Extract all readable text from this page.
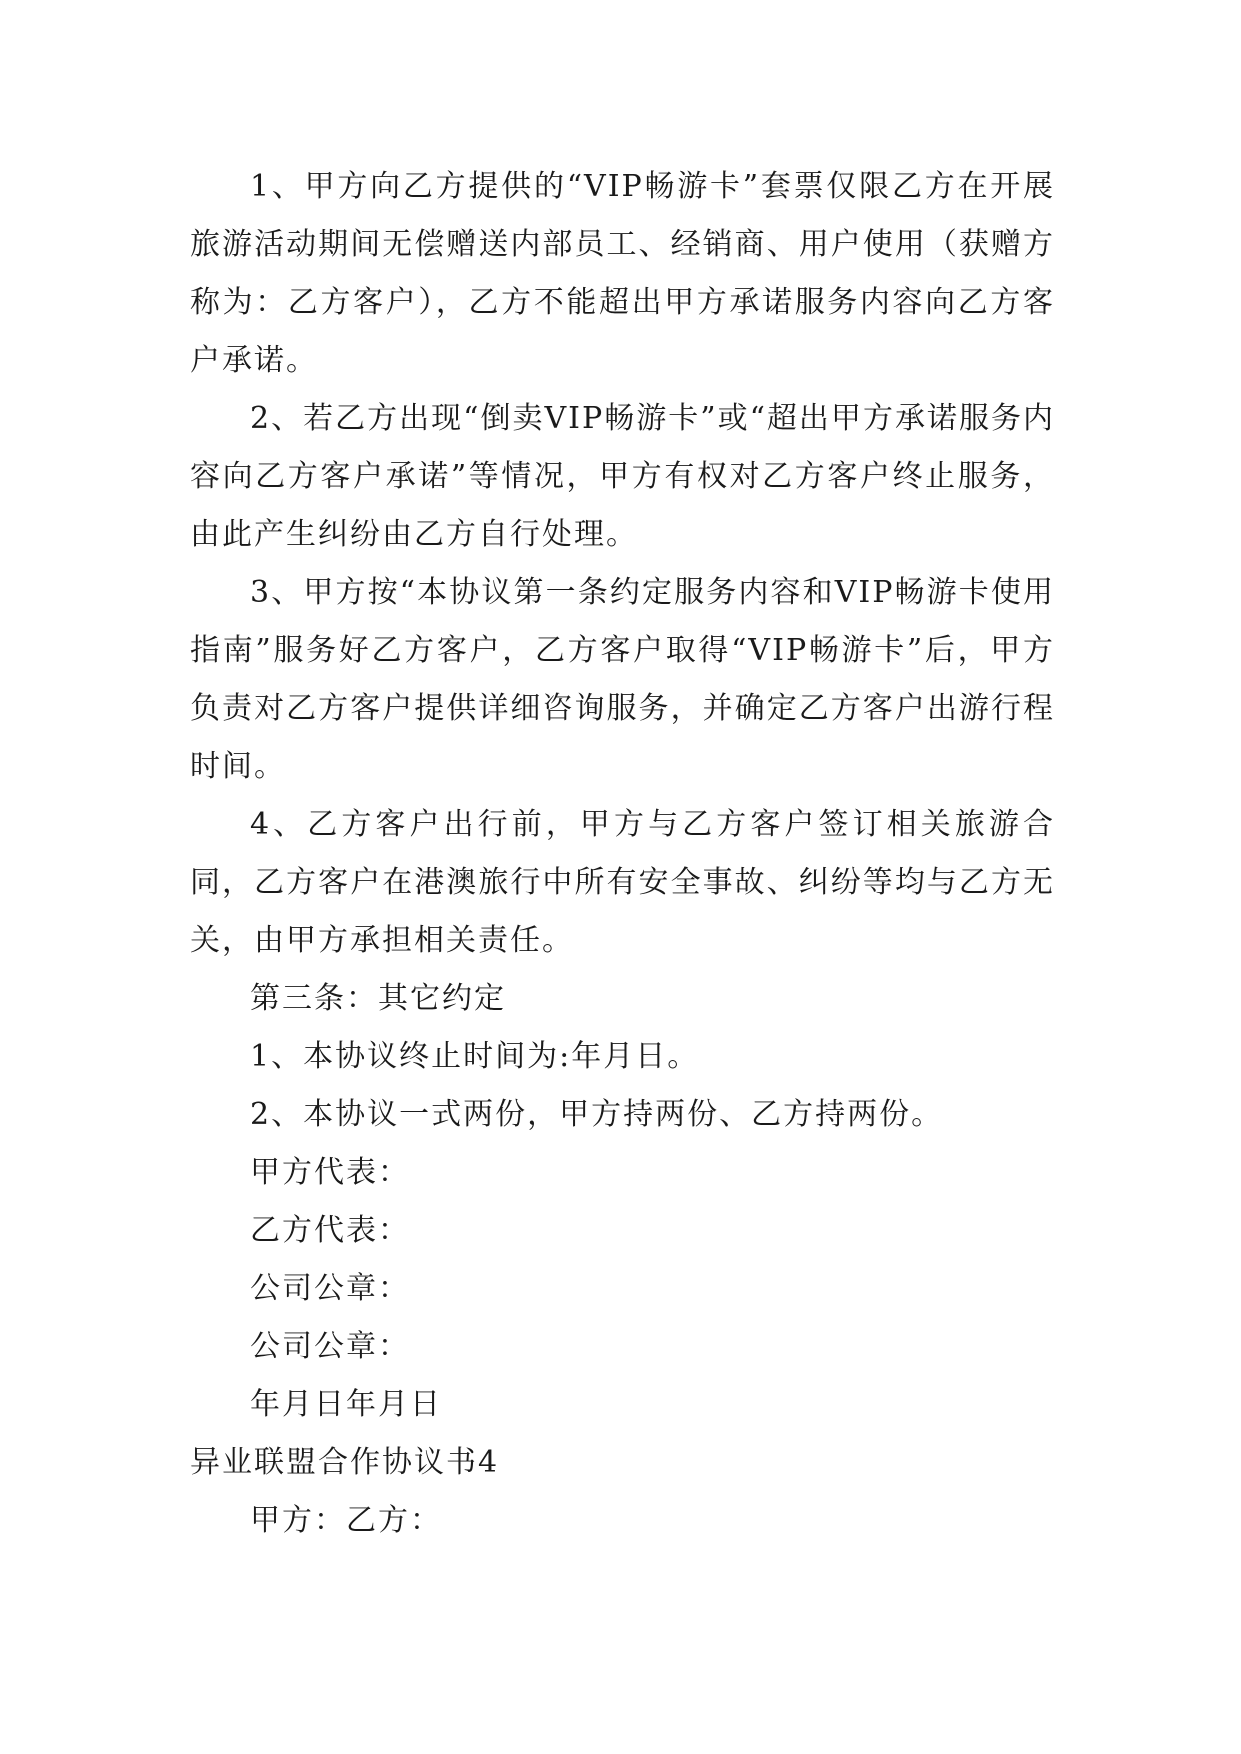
1、甲方向乙方提供的“VIP畅游卡”套票仅限乙方在开展旅游活动期间无偿赠送内部员工、经销商、用户使用（获赠方称为：乙方客户），乙方不能超出甲方承诺服务内容向乙方客户承诺。

2、若乙方出现“倒卖VIP畅游卡”或“超出甲方承诺服务内容向乙方客户承诺”等情况，甲方有权对乙方客户终止服务，由此产生纠纷由乙方自行处理。

3、甲方按“本协议第一条约定服务内容和VIP畅游卡使用指南”服务好乙方客户，乙方客户取得“VIP畅游卡”后，甲方负责对乙方客户提供详细咨询服务，并确定乙方客户出游行程时间。

4、乙方客户出行前，甲方与乙方客户签订相关旅游合同，乙方客户在港澳旅行中所有安全事故、纠纷等均与乙方无关，由甲方承担相关责任。

第三条：其它约定

1、本协议终止时间为:年月日。

2、本协议一式两份，甲方持两份、乙方持两份。

甲方代表：

乙方代表：

公司公章：

公司公章：

年月日年月日

异业联盟合作协议书4

甲方：乙方：
